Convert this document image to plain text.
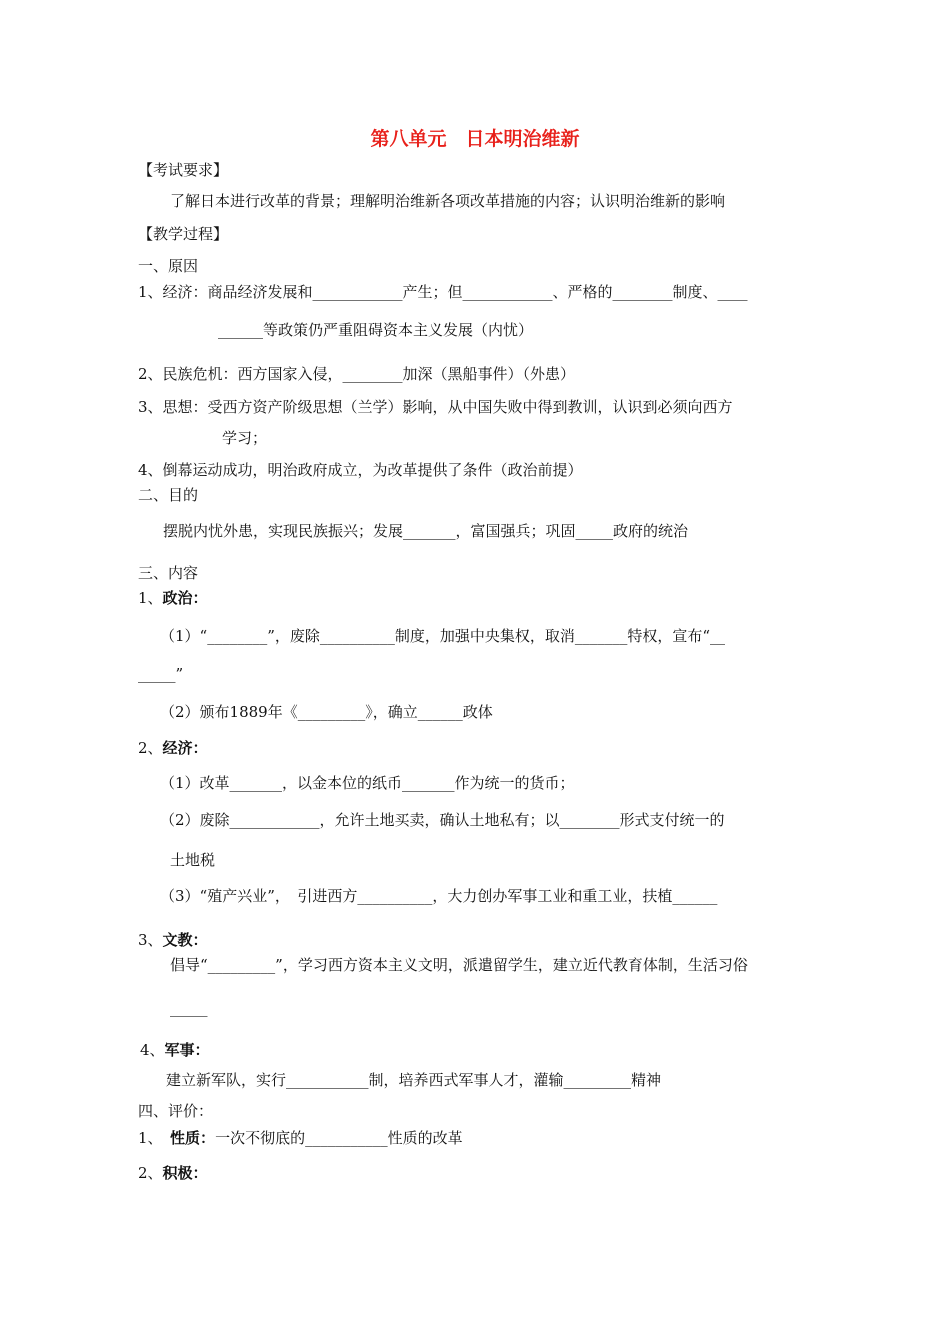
第八单元　日本明治维新
【考试要求】
了解日本进行改革的背景；理解明治维新各项改革措施的内容；认识明治维新的影响
【教学过程】
一、原因
1、经济：商品经济发展和____________产生；但____________、严格的________制度、____
______等政策仍严重阻碍资本主义发展（内忧）
2、民族危机：西方国家入侵，________加深（黑船事件）（外患）
3、思想：受西方资产阶级思想（兰学）影响，从中国失败中得到教训，认识到必须向西方
学习；
4、倒幕运动成功，明治政府成立，为改革提供了条件（政治前提）
二、目的
摆脱内忧外患，实现民族振兴；发展_______，富国强兵；巩固_____政府的统治
三、内容
1、政治：
（1）“________”，废除__________制度，加强中央集权，取消_______特权，宣布“__
_____”
（2）颁布1889年《_________》，确立______政体
2、经济：
（1）改革_______，以金本位的纸币_______作为统一的货币；
（2）废除____________，允许土地买卖，确认土地私有；以________形式支付统一的
土地税
（3）“殖产兴业”，　引进西方__________，大力创办军事工业和重工业，扶植______
3、文教：
倡导“_________”，学习西方资本主义文明，派遣留学生，建立近代教育体制，生活习俗
_____
4、军事：
建立新军队，实行___________制，培养西式军事人才，灌输_________精神
四、评价：
1、　性质：一次不彻底的___________性质的改革
2、积极：
